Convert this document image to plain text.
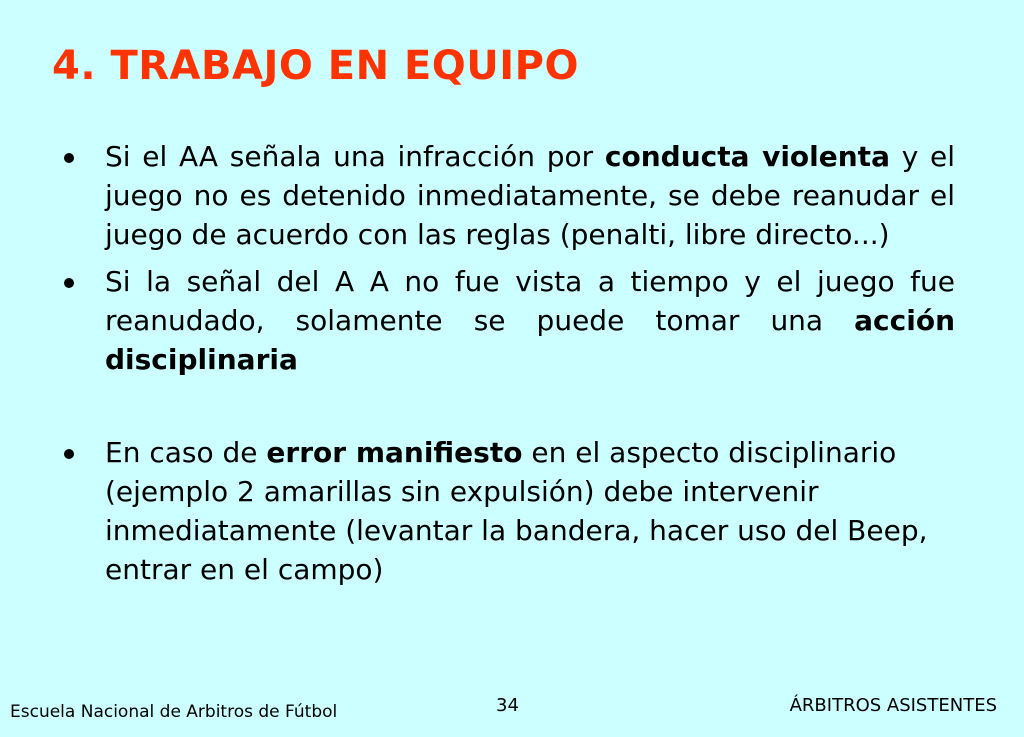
4. TRABAJO EN EQUIPO
Si el AA señala una infracción por conducta violenta y el juego no es detenido inmediatamente, se debe reanudar el juego de acuerdo con las reglas (penalti, libre directo...)
Si la señal del A A no fue vista a tiempo y el juego fue reanudado, solamente se puede tomar una acción disciplinaria
En caso de error manifiesto en el aspecto disciplinario (ejemplo 2 amarillas sin expulsión) debe intervenir inmediatamente (levantar la bandera, hacer uso del Beep, entrar en el campo)
Escuela Nacional de Arbitros de Fútbol	34	ÁRBITROS ASISTENTES
